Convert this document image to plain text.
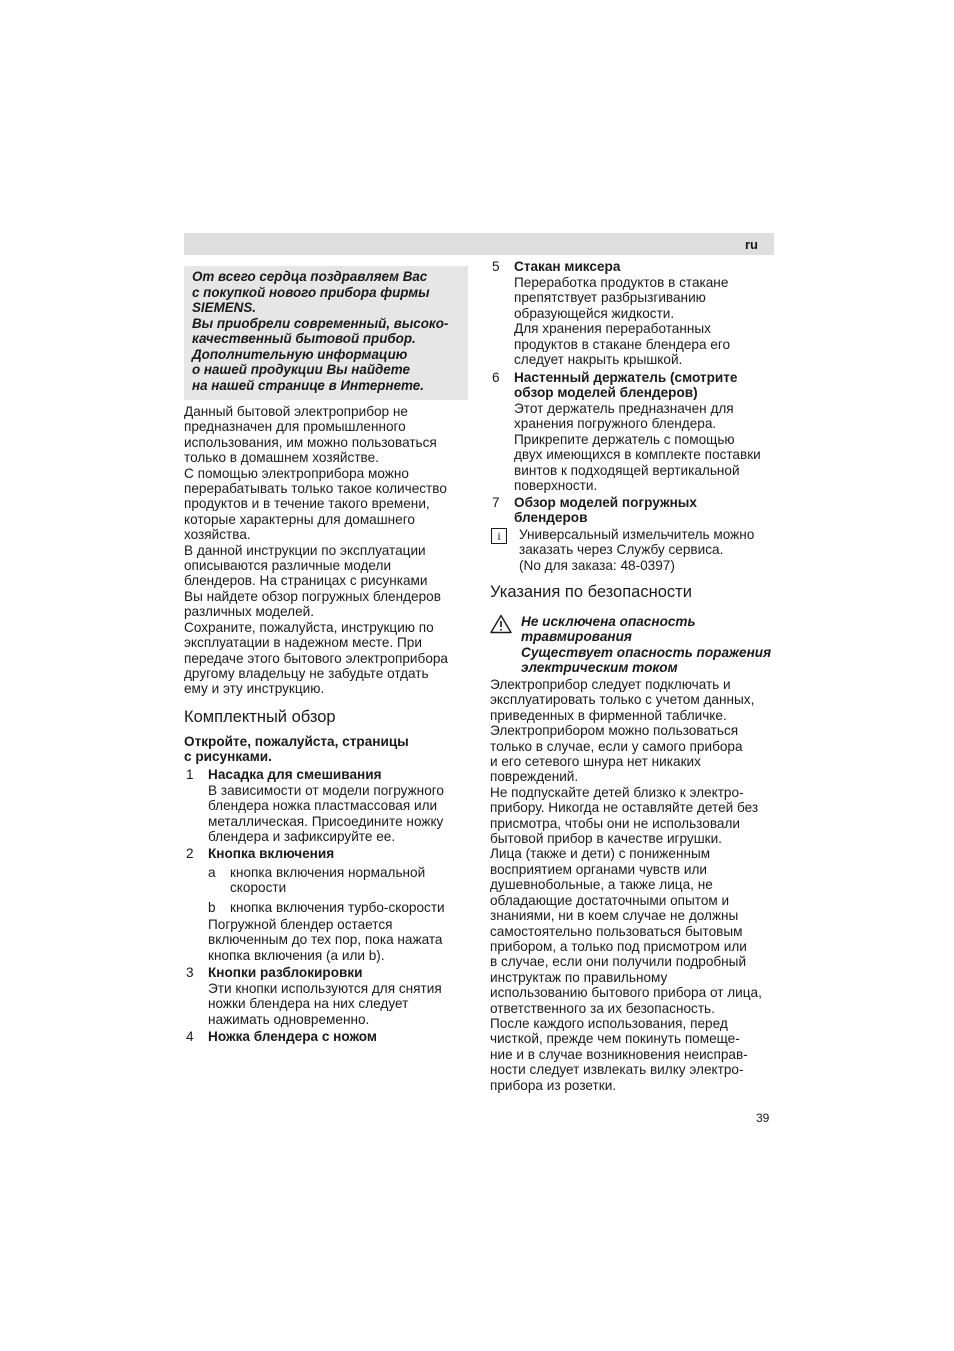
ru

От всего сердца поздравляем Вас
с покупкой нового прибора фирмы
SIEMENS.
Вы приобрели современный, высоко-
качественный бытовой прибор.
Дополнительную информацию
о нашей продукции Вы найдете
на нашей странице в Интернете.

Данный бытовой электроприбор не
предназначен для промышленного
использования, им можно пользоваться
только в домашнем хозяйстве.
С помощью электроприбора можно
перерабатывать только такое количество
продуктов и в течение такого времени,
которые характерны для домашнего
хозяйства.
В данной инструкции по эксплуатации
описываются различные модели
блендеров. На страницах с рисунками
Вы найдете обзор погружных блендеров
различных моделей.
Сохраните, пожалуйста, инструкцию по
эксплуатации в надежном месте. При
передаче этого бытового электроприбора
другому владельцу не забудьте отдать
ему и эту инструкцию.

Комплектный обзор

Откройте, пожалуйста, страницы
с рисунками.

1	Насадка для смешивания
В зависимости от модели погружного
блендера ножка пластмассовая или
металлическая. Присоедините ножку
блендера и зафиксируйте ее.
2	Кнопка включения
a кнопка включения нормальной
скорости
b кнопка включения турбо-скорости

Погружной блендер остается
включенным до тех пор, пока нажата
кнопка включения (a или b).

3	Кнопки разблокировки
Эти кнопки используются для снятия
ножки блендера на них следует
нажимать одновременно.
4	Ножка блендера с ножом
5	Стакан миксера
Переработка продуктов в стакане
препятствует разбрызгиванию
образующейся жидкости.
Для хранения переработанных
продуктов в стакане блендера его
следует накрыть крышкой.
6	Настенный держатель (смотрите
обзор моделей блендеров)
Этот держатель предназначен для
хранения погружного блендера.
Прикрепите держатель с помощью
двух имеющихся в комплекте поставки
винтов к подходящей вертикальной
поверхности.
7	Обзор моделей погружных
блендеров
i	Универсальный измельчитель можно
заказать через Службу сервиса.
(No для заказа: 48-0397)

Указания по безопасности

Не исключена опасность
травмирования
Существует опасность поражения
электрическим током

Электроприбор следует подключать и
эксплуатировать только с учетом данных,
приведенных в фирменной табличке.
Электроприбором можно пользоваться
только в случае, если у самого прибора
и его сетевого шнура нет никаких
повреждений.
Не подпускайте детей близко к электро-
прибору. Никогда не оставляйте детей без
присмотра, чтобы они не использовали
бытовой прибор в качестве игрушки.
Лица (также и дети) с пониженным
восприятием органами чувств или
душевнобольные, а также лица, не
обладающие достаточными опытом и
знаниями, ни в коем случае не должны
самостоятельно пользоваться бытовым
прибором, а только под присмотром или
в случае, если они получили подробный
инструктаж по правильному
использованию бытового прибора от лица,
ответственного за их безопасность.
После каждого использования, перед
чисткой, прежде чем покинуть помеще-
ние и в случае возникновения неисправ-
ности следует извлекать вилку электро-
прибора из розетки.

39
